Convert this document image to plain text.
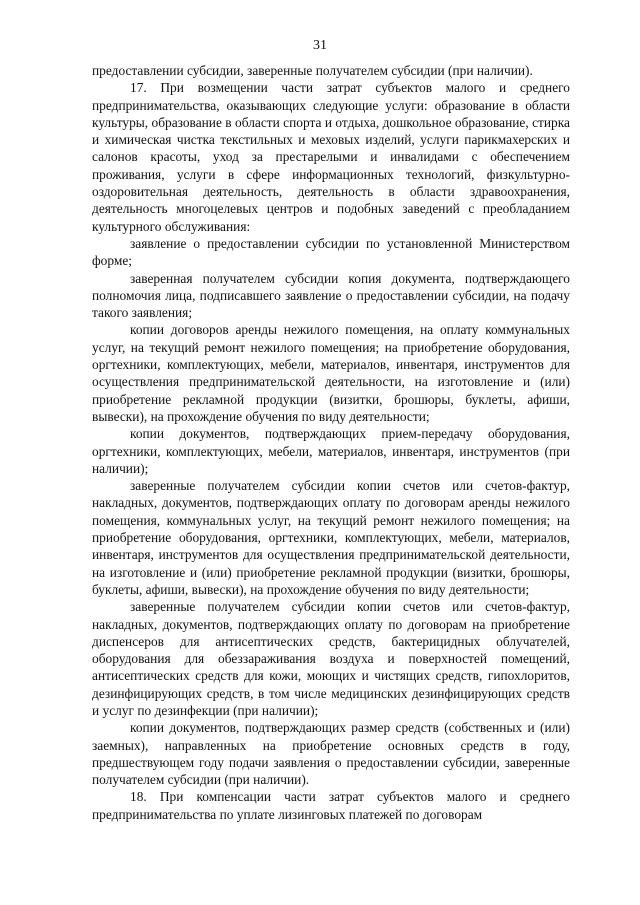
31

предоставлении субсидии, заверенные получателем субсидии (при наличии).

17. При возмещении части затрат субъектов малого и среднего предпринимательства, оказывающих следующие услуги: образование в области культуры, образование в области спорта и отдыха, дошкольное образование, стирка и химическая чистка текстильных и меховых изделий, услуги парикмахерских и салонов красоты, уход за престарелыми и инвалидами с обеспечением проживания, услуги в сфере информационных технологий, физкультурно-оздоровительная деятельность, деятельность в области здравоохранения, деятельность многоцелевых центров и подобных заведений с преобладанием культурного обслуживания:

заявление о предоставлении субсидии по установленной Министерством форме;

заверенная получателем субсидии копия документа, подтверждающего полномочия лица, подписавшего заявление о предоставлении субсидии, на подачу такого заявления;

копии договоров аренды нежилого помещения, на оплату коммунальных услуг, на текущий ремонт нежилого помещения; на приобретение оборудования, оргтехники, комплектующих, мебели, материалов, инвентаря, инструментов для осуществления предпринимательской деятельности, на изготовление и (или) приобретение рекламной продукции (визитки, брошюры, буклеты, афиши, вывески), на прохождение обучения по виду деятельности;

копии документов, подтверждающих прием-передачу оборудования, оргтехники, комплектующих, мебели, материалов, инвентаря, инструментов (при наличии);

заверенные получателем субсидии копии счетов или счетов-фактур, накладных, документов, подтверждающих оплату по договорам аренды нежилого помещения, коммунальных услуг, на текущий ремонт нежилого помещения; на приобретение оборудования, оргтехники, комплектующих, мебели, материалов, инвентаря, инструментов для осуществления предпринимательской деятельности, на изготовление и (или) приобретение рекламной продукции (визитки, брошюры, буклеты, афиши, вывески), на прохождение обучения по виду деятельности;

заверенные получателем субсидии копии счетов или счетов-фактур, накладных, документов, подтверждающих оплату по договорам на приобретение диспенсеров для антисептических средств, бактерицидных облучателей, оборудования для обеззараживания воздуха и поверхностей помещений, антисептических средств для кожи, моющих и чистящих средств, гипохлоритов, дезинфицирующих средств, в том числе медицинских дезинфицирующих средств и услуг по дезинфекции (при наличии);

копии документов, подтверждающих размер средств (собственных и (или) заемных), направленных на приобретение основных средств в году, предшествующем году подачи заявления о предоставлении субсидии, заверенные получателем субсидии (при наличии).

18. При компенсации части затрат субъектов малого и среднего предпринимательства по уплате лизинговых платежей по договорам
